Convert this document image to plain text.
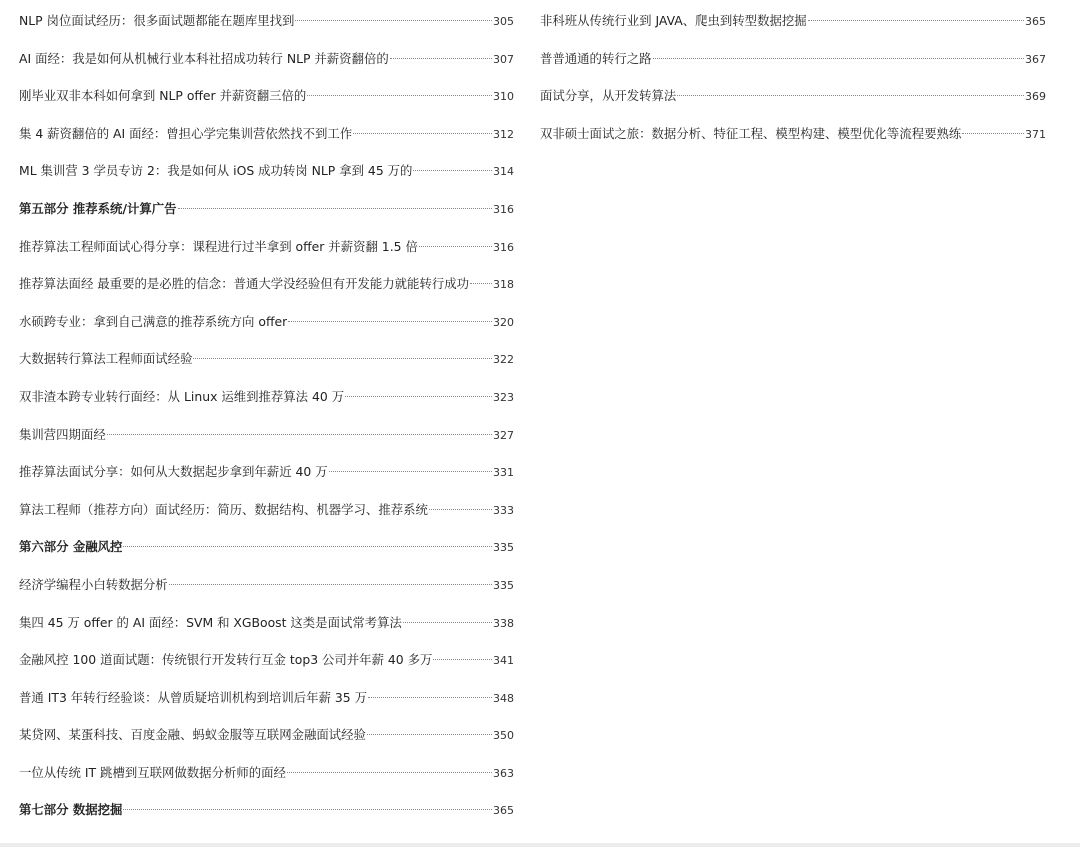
NLP 岗位面试经历：很多面试题都能在题库里找到	305
AI 面经：我是如何从机械行业本科社招成功转行 NLP 并薪资翻倍的	307
刚毕业双非本科如何拿到 NLP offer 并薪资翻三倍的	310
集 4 薪资翻倍的 AI 面经：曾担心学完集训营依然找不到工作	312
ML 集训营 3 学员专访 2：我是如何从 iOS 成功转岗 NLP 拿到 45 万的	314
第五部分 推荐系统/计算广告	316
推荐算法工程师面试心得分享：课程进行过半拿到 offer 并薪资翻 1.5 倍	316
推荐算法面经 最重要的是必胜的信念：普通大学没经验但有开发能力就能转行成功 318
水硕跨专业：拿到自己满意的推荐系统方向 offer	320
大数据转行算法工程师面试经验	322
双非渣本跨专业转行面经：从 Linux 运维到推荐算法 40 万	323
集训营四期面经	327
推荐算法面试分享：如何从大数据起步拿到年薪近 40 万	331
算法工程师（推荐方向）面试经历：简历、数据结构、机器学习、推荐系统	333
第六部分 金融风控	335
经济学编程小白转数据分析	335
集四 45 万 offer 的 AI 面经：SVM 和 XGBoost 这类是面试常考算法	338
金融风控 100 道面试题：传统银行开发转行互金 top3 公司并年薪 40 多万	341
普通 IT3 年转行经验谈：从曾质疑培训机构到培训后年薪 35 万	348
某贷网、某蛋科技、百度金融、蚂蚁金服等互联网金融面试经验	350
一位从传统 IT 跳槽到互联网做数据分析师的面经	363
第七部分 数据挖掘	365
非科班从传统行业到 JAVA、爬虫到转型数据挖掘	365
普普通通的转行之路	367
面试分享，从开发转算法	369
双非硕士面试之旅：数据分析、特征工程、模型构建、模型优化等流程要熟练	371
